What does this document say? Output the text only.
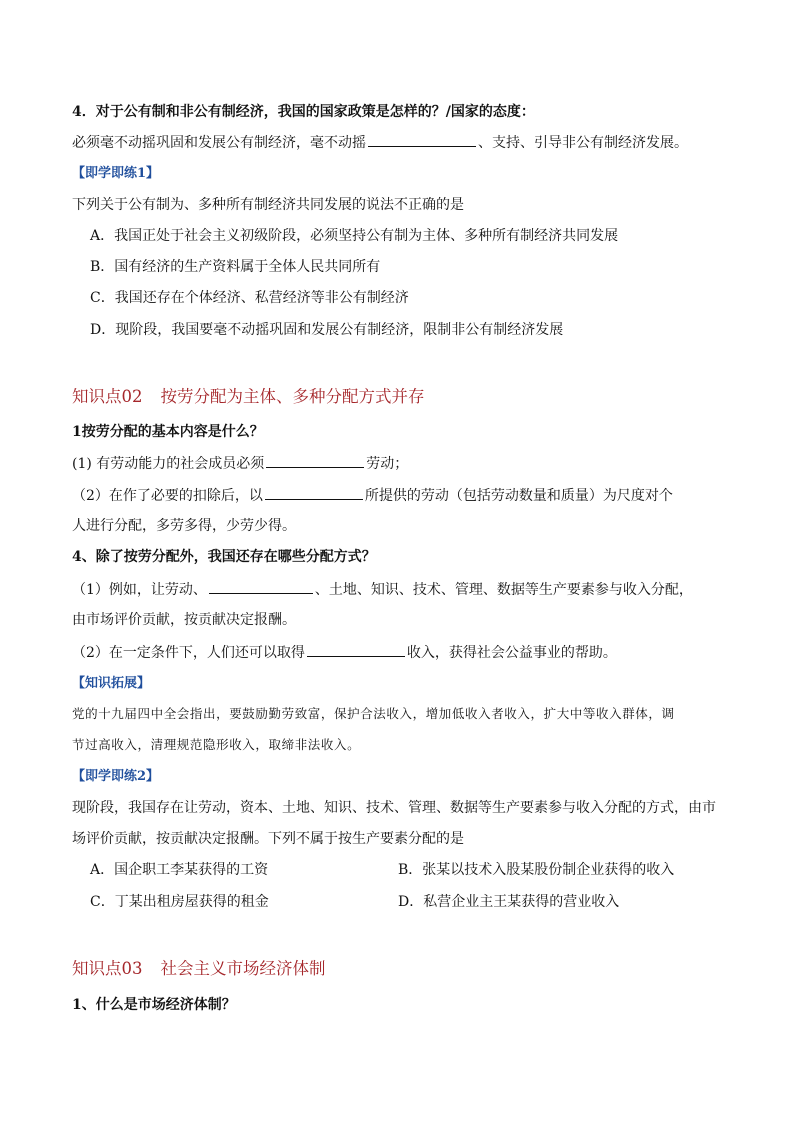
4．对于公有制和非公有制经济，我国的国家政策是怎样的？/国家的态度：
必须毫不动摇巩固和发展公有制经济，毫不动摇	、支持、引导非公有制经济发展。
【即学即练1】
下列关于公有制为、多种所有制经济共同发展的说法不正确的是
A．我国正处于社会主义初级阶段，必须坚持公有制为主体、多种所有制经济共同发展
B．国有经济的生产资料属于全体人民共同所有
C．我国还存在个体经济、私营经济等非公有制经济
D．现阶段，我国要毫不动摇巩固和发展公有制经济，限制非公有制经济发展
知识点02 按劳分配为主体、多种分配方式并存
1按劳分配的基本内容是什么？
(1) 有劳动能力的社会成员必须	劳动；
（2）在作了必要的扣除后，以	所提供的劳动（包括劳动数量和质量）为尺度对个
人进行分配，多劳多得，少劳少得。
4、除了按劳分配外，我国还存在哪些分配方式？
（1）例如，让劳动、	、土地、知识、技术、管理、数据等生产要素参与收入分配，
由市场评价贡献，按贡献决定报酬。
（2）在一定条件下，人们还可以取得	收入，获得社会公益事业的帮助。
【知识拓展】
党的十九届四中全会指出，要鼓励勤劳致富，保护合法收入，增加低收入者收入，扩大中等收入群体，调
节过高收入，清理规范隐形收入，取缔非法收入。
【即学即练2】
现阶段，我国存在让劳动，资本、土地、知识、技术、管理、数据等生产要素参与收入分配的方式，由市
场评价贡献，按贡献决定报酬。下列不属于按生产要素分配的是
A．国企职工李某获得的工资	B．张某以技术入股某股份制企业获得的收入
C．丁某出租房屋获得的租金	D．私营企业主王某获得的营业收入
知识点03 社会主义市场经济体制
1、什么是市场经济体制？
